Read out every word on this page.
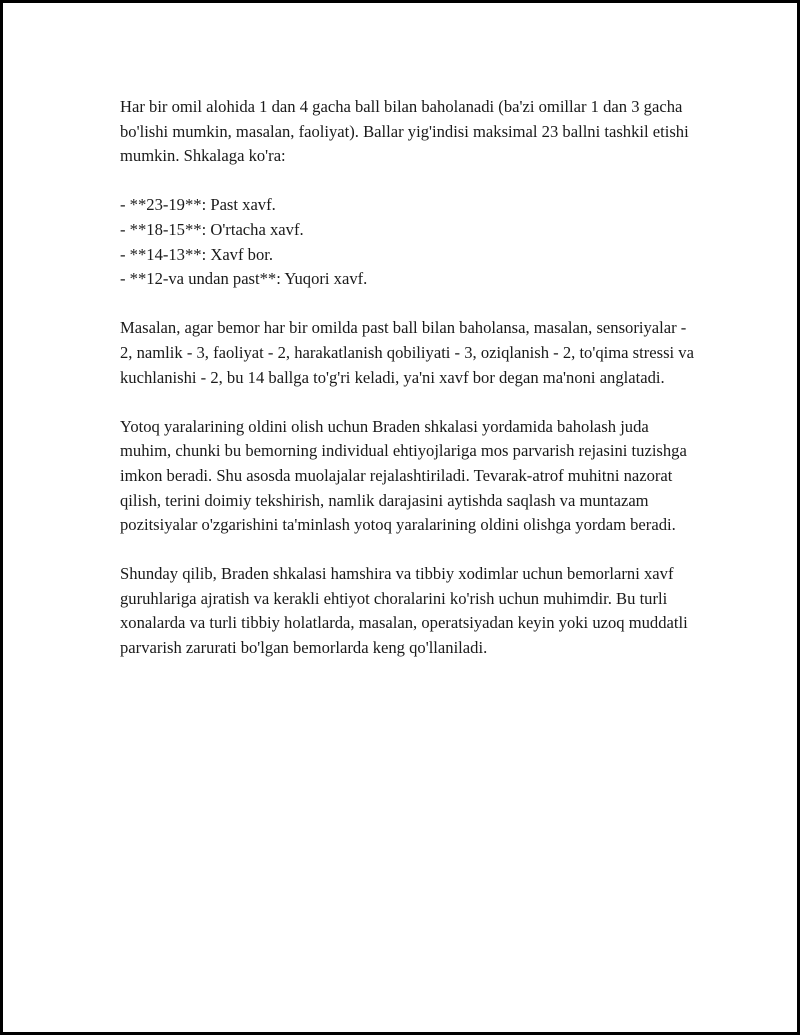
Har bir omil alohida 1 dan 4 gacha ball bilan baholanadi (ba'zi omillar 1 dan 3 gacha bo'lishi mumkin, masalan, faoliyat). Ballar yig'indisi maksimal 23 ballni tashkil etishi mumkin. Shkalaga ko'ra:

- **23-19**: Past xavf.
- **18-15**: O'rtacha xavf.
- **14-13**: Xavf bor.
- **12-va undan past**: Yuqori xavf.

Masalan, agar bemor har bir omilda past ball bilan baholansa, masalan, sensoriyalar - 2, namlik - 3, faoliyat - 2, harakatlanish qobiliyati - 3, oziqlanish - 2, to'qima stressi va kuchlanishi - 2, bu 14 ballga to'g'ri keladi, ya'ni xavf bor degan ma'noni anglatadi.

Yotoq yaralarining oldini olish uchun Braden shkalasi yordamida baholash juda muhim, chunki bu bemorning individual ehtiyojlariga mos parvarish rejasini tuzishga imkon beradi. Shu asosda muolajalar rejalashtiriladi. Tevarak-atrof muhitni nazorat qilish, terini doimiy tekshirish, namlik darajasini aytishda saqlash va muntazam pozitsiyalar o'zgarishini ta'minlash yotoq yaralarining oldini olishga yordam beradi.

Shunday qilib, Braden shkalasi hamshira va tibbiy xodimlar uchun bemorlarni xavf guruhlariga ajratish va kerakli ehtiyot choralarini ko'rish uchun muhimdir. Bu turli xonalarda va turli tibbiy holatlarda, masalan, operatsiyadan keyin yoki uzoq muddatli parvarish zarurati bo'lgan bemorlarda keng qo'llaniladi.
